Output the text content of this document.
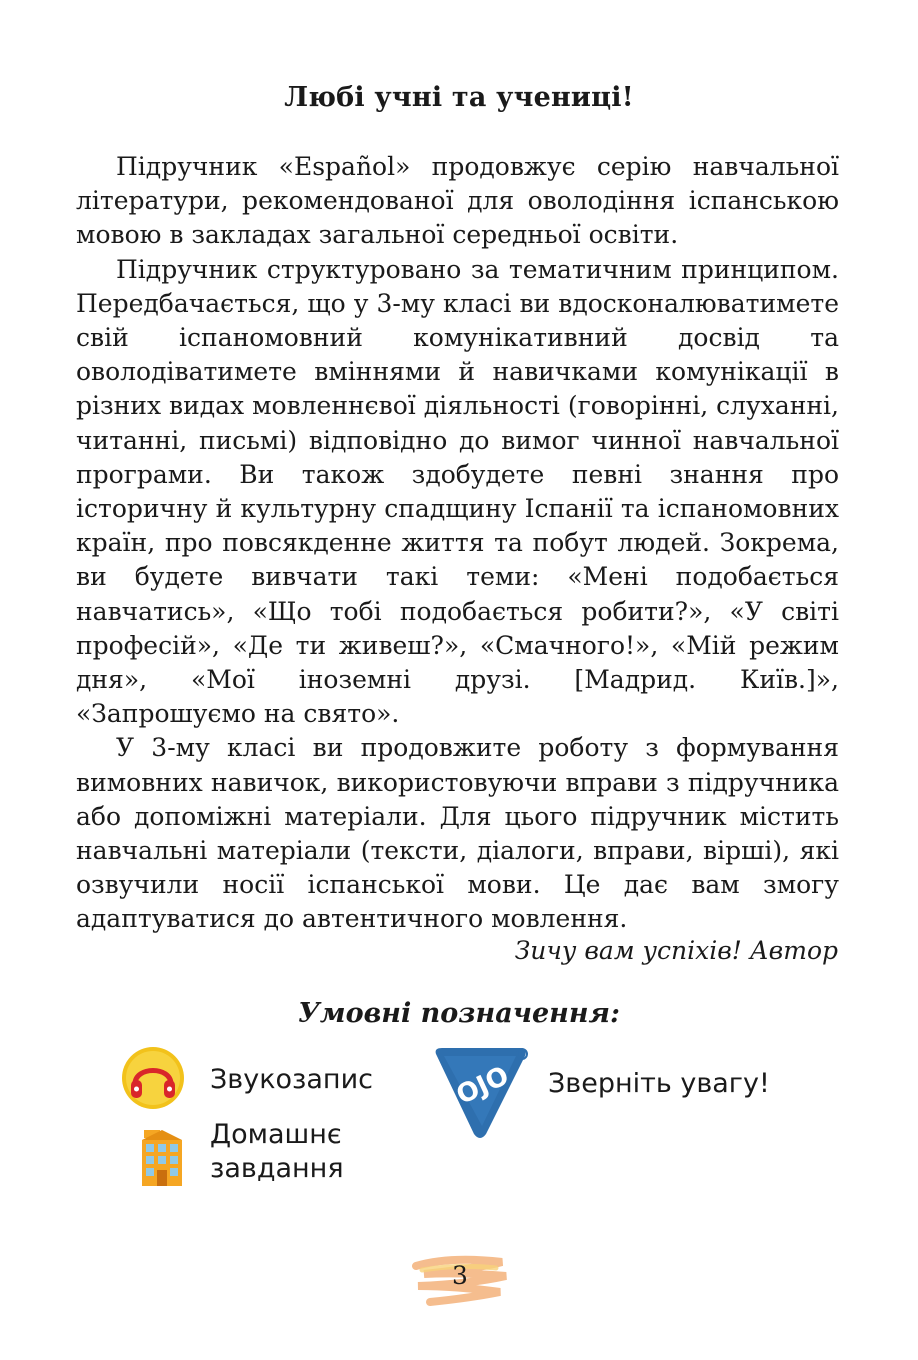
Любі учні та учениці!

Підручник «Español» продовжує серію навчальної літератури, рекомендованої для оволодіння іспанською мовою в закладах загальної середньої освіти.

Підручник структуровано за тематичним принципом. Передбачається, що у 3-му класі ви вдосконалюватимете свій іспаномовний комунікативний досвід та оволодіватимете вміннями й навичками комунікації в різних видах мовленнєвої діяльності (говорінні, слуханні, читанні, письмі) відповідно до вимог чинної навчальної програми. Ви також здобудете певні знання про історичну й культурну спадщину Іспанії та іспаномовних країн, про повсякденне життя та побут людей. Зокрема, ви будете вивчати такі теми: «Мені подобається навчатись», «Що тобі подобається робити?», «У світі професій», «Де ти живеш?», «Смачного!», «Мій режим дня», «Мої іноземні друзі. [Мадрид. Київ.]», «Запрошуємо на свято».

У 3-му класі ви продовжите роботу з формування вимовних навичок, використовуючи вправи з підручника або допоміжні матеріали. Для цього підручник містить навчальні матеріали (тексти, діалоги, вправи, вірші), які озвучили носії іспанської мови. Це дає вам змогу адаптуватися до автентичного мовлення.

Зичу вам успіхів! Автор
Умовні позначення:
Звукозапис
Домашнє
завдання
OJO Зверніть увагу!
3
